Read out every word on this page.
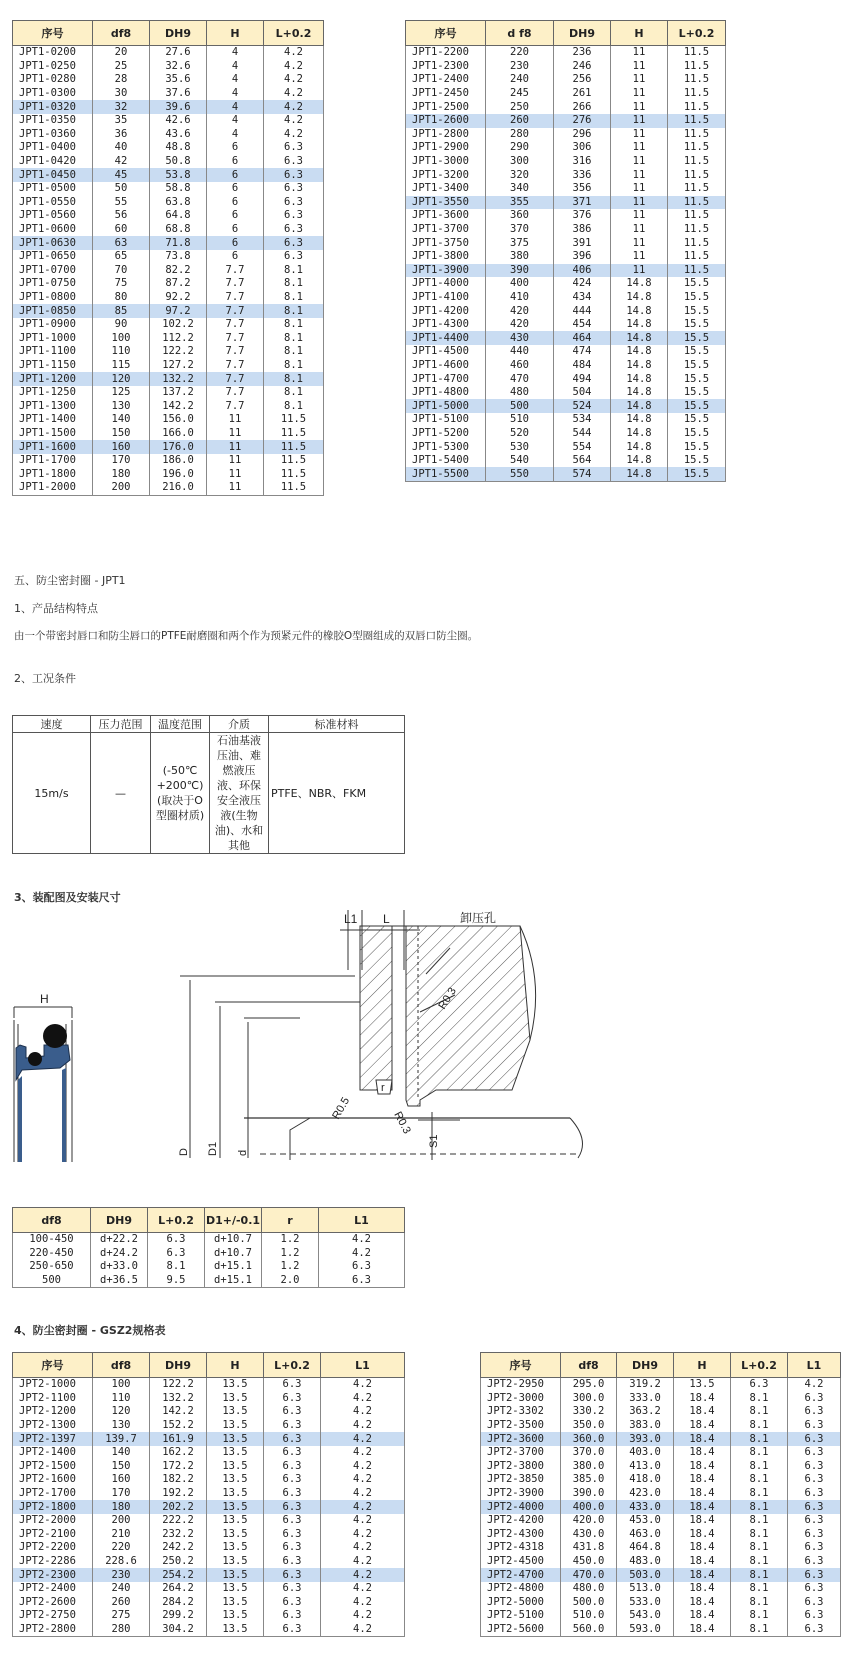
序号	df8	DH9	H	L+0.2
JPT1-0200	20	27.6	4	4.2
JPT1-0250	25	32.6	4	4.2
JPT1-0280	28	35.6	4	4.2
JPT1-0300	30	37.6	4	4.2
JPT1-0320	32	39.6	4	4.2
JPT1-0350	35	42.6	4	4.2
JPT1-0360	36	43.6	4	4.2
JPT1-0400	40	48.8	6	6.3
JPT1-0420	42	50.8	6	6.3
JPT1-0450	45	53.8	6	6.3
JPT1-0500	50	58.8	6	6.3
JPT1-0550	55	63.8	6	6.3
JPT1-0560	56	64.8	6	6.3
JPT1-0600	60	68.8	6	6.3
JPT1-0630	63	71.8	6	6.3
JPT1-0650	65	73.8	6	6.3
JPT1-0700	70	82.2	7.7	8.1
JPT1-0750	75	87.2	7.7	8.1
JPT1-0800	80	92.2	7.7	8.1
JPT1-0850	85	97.2	7.7	8.1
JPT1-0900	90	102.2	7.7	8.1
JPT1-1000	100	112.2	7.7	8.1
JPT1-1100	110	122.2	7.7	8.1
JPT1-1150	115	127.2	7.7	8.1
JPT1-1200	120	132.2	7.7	8.1
JPT1-1250	125	137.2	7.7	8.1
JPT1-1300	130	142.2	7.7	8.1
JPT1-1400	140	156.0	11	11.5
JPT1-1500	150	166.0	11	11.5
JPT1-1600	160	176.0	11	11.5
JPT1-1700	170	186.0	11	11.5
JPT1-1800	180	196.0	11	11.5
JPT1-2000	200	216.0	11	11.5
序号	d f8	DH9	H	L+0.2
JPT1-2200	220	236	11	11.5
JPT1-2300	230	246	11	11.5
JPT1-2400	240	256	11	11.5
JPT1-2450	245	261	11	11.5
JPT1-2500	250	266	11	11.5
JPT1-2600	260	276	11	11.5
JPT1-2800	280	296	11	11.5
JPT1-2900	290	306	11	11.5
JPT1-3000	300	316	11	11.5
JPT1-3200	320	336	11	11.5
JPT1-3400	340	356	11	11.5
JPT1-3550	355	371	11	11.5
JPT1-3600	360	376	11	11.5
JPT1-3700	370	386	11	11.5
JPT1-3750	375	391	11	11.5
JPT1-3800	380	396	11	11.5
JPT1-3900	390	406	11	11.5
JPT1-4000	400	424	14.8	15.5
JPT1-4100	410	434	14.8	15.5
JPT1-4200	420	444	14.8	15.5
JPT1-4300	420	454	14.8	15.5
JPT1-4400	430	464	14.8	15.5
JPT1-4500	440	474	14.8	15.5
JPT1-4600	460	484	14.8	15.5
JPT1-4700	470	494	14.8	15.5
JPT1-4800	480	504	14.8	15.5
JPT1-5000	500	524	14.8	15.5
JPT1-5100	510	534	14.8	15.5
JPT1-5200	520	544	14.8	15.5
JPT1-5300	530	554	14.8	15.5
JPT1-5400	540	564	14.8	15.5
JPT1-5500	550	574	14.8	15.5
五、防尘密封圈 - JPT1
1、产品结构特点
由一个带密封唇口和防尘唇口的PTFE耐磨圈和两个作为预紧元件的橡胶O型圈组成的双唇口防尘圈。
2、工况条件
速度	压力范围	温度范围	介质	标准材料
15m/s	—	(-50℃ +200℃) (取决于O型圈材质)	石油基液压油、难燃液压液、环保安全液压液(生物油)、水和其他	PTFE、NBR、FKM
3、装配图及安装尺寸
H
r
L1 L	卸压孔
R0.3
R0.5
R0.3
S1
D D1 d
df8	DH9	L+0.2	D1+/-0.1	r	L1
100-450	d+22.2	6.3	d+10.7	1.2	4.2
220-450	d+24.2	6.3	d+10.7	1.2	4.2
250-650	d+33.0	8.1	d+15.1	1.2	6.3
500	d+36.5	9.5	d+15.1	2.0	6.3
4、防尘密封圈 - GSZ2规格表
序号	df8	DH9	H	L+0.2	L1
JPT2-1000	100	122.2	13.5	6.3	4.2
JPT2-1100	110	132.2	13.5	6.3	4.2
JPT2-1200	120	142.2	13.5	6.3	4.2
JPT2-1300	130	152.2	13.5	6.3	4.2
JPT2-1397	139.7	161.9	13.5	6.3	4.2
JPT2-1400	140	162.2	13.5	6.3	4.2
JPT2-1500	150	172.2	13.5	6.3	4.2
JPT2-1600	160	182.2	13.5	6.3	4.2
JPT2-1700	170	192.2	13.5	6.3	4.2
JPT2-1800	180	202.2	13.5	6.3	4.2
JPT2-2000	200	222.2	13.5	6.3	4.2
JPT2-2100	210	232.2	13.5	6.3	4.2
JPT2-2200	220	242.2	13.5	6.3	4.2
JPT2-2286	228.6	250.2	13.5	6.3	4.2
JPT2-2300	230	254.2	13.5	6.3	4.2
JPT2-2400	240	264.2	13.5	6.3	4.2
JPT2-2600	260	284.2	13.5	6.3	4.2
JPT2-2750	275	299.2	13.5	6.3	4.2
JPT2-2800	280	304.2	13.5	6.3	4.2
序号	df8	DH9	H	L+0.2	L1
JPT2-2950	295.0	319.2	13.5	6.3	4.2
JPT2-3000	300.0	333.0	18.4	8.1	6.3
JPT2-3302	330.2	363.2	18.4	8.1	6.3
JPT2-3500	350.0	383.0	18.4	8.1	6.3
JPT2-3600	360.0	393.0	18.4	8.1	6.3
JPT2-3700	370.0	403.0	18.4	8.1	6.3
JPT2-3800	380.0	413.0	18.4	8.1	6.3
JPT2-3850	385.0	418.0	18.4	8.1	6.3
JPT2-3900	390.0	423.0	18.4	8.1	6.3
JPT2-4000	400.0	433.0	18.4	8.1	6.3
JPT2-4200	420.0	453.0	18.4	8.1	6.3
JPT2-4300	430.0	463.0	18.4	8.1	6.3
JPT2-4318	431.8	464.8	18.4	8.1	6.3
JPT2-4500	450.0	483.0	18.4	8.1	6.3
JPT2-4700	470.0	503.0	18.4	8.1	6.3
JPT2-4800	480.0	513.0	18.4	8.1	6.3
JPT2-5000	500.0	533.0	18.4	8.1	6.3
JPT2-5100	510.0	543.0	18.4	8.1	6.3
JPT2-5600	560.0	593.0	18.4	8.1	6.3
